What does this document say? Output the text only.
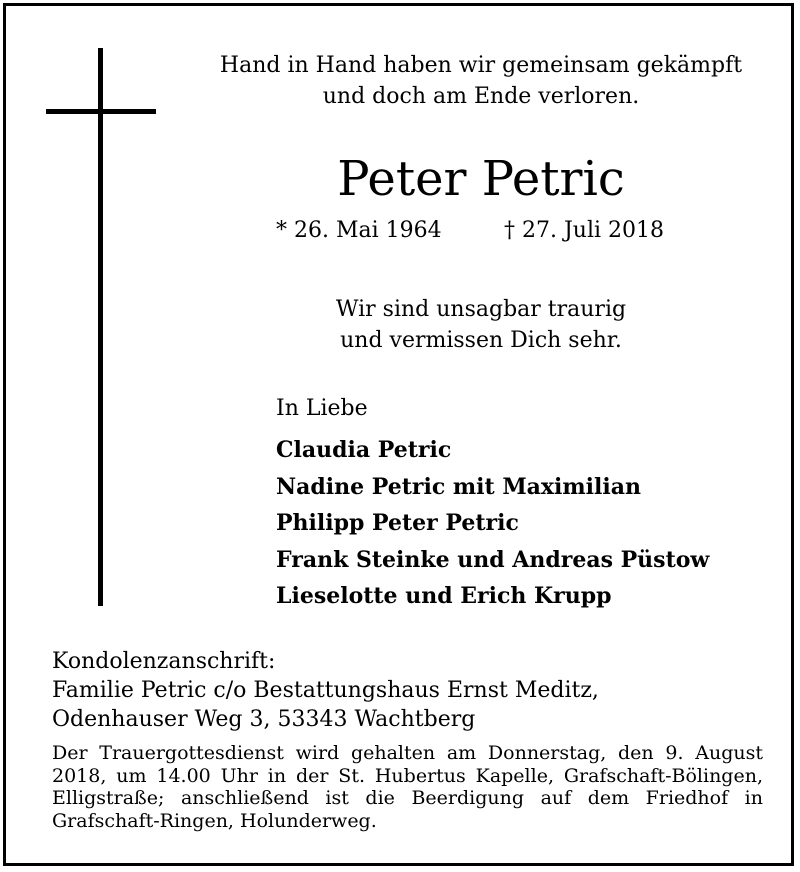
Hand in Hand haben wir gemeinsam gekämpft
und doch am Ende verloren.
Peter Petric
* 26. Mai 1964	† 27. Juli 2018
Wir sind unsagbar traurig
und vermissen Dich sehr.
In Liebe
Claudia Petric
Nadine Petric mit Maximilian
Philipp Peter Petric
Frank Steinke und Andreas Püstow
Lieselotte und Erich Krupp
Kondolenzanschrift:
Familie Petric c/o Bestattungshaus Ernst Meditz,
Odenhauser Weg 3, 53343 Wachtberg
Der Trauergottesdienst wird gehalten am Donnerstag, den 9. August 2018, um 14.00 Uhr in der St. Hubertus Kapelle, Grafschaft-Bölingen, Elligstraße; anschließend ist die Beerdigung auf dem Friedhof in Grafschaft-Ringen, Holunderweg.
